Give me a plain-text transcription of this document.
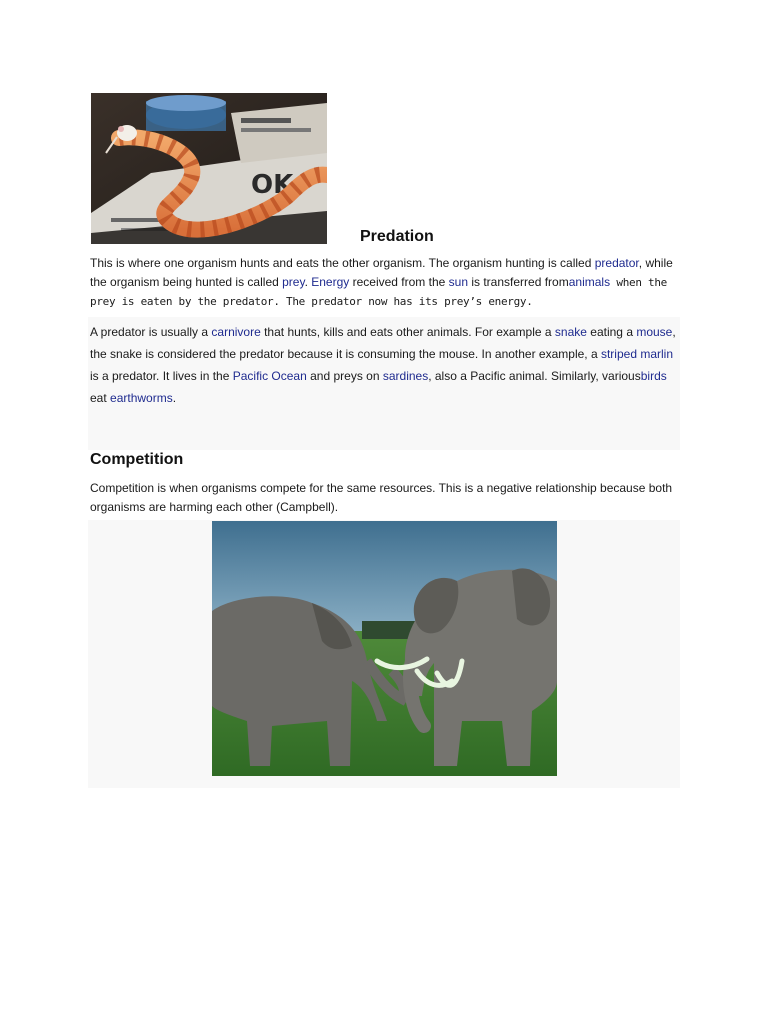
OK
Predation

This is where one organism hunts and eats the other organism. The organism hunting is called predator, while the organism being hunted is called prey. Energy received from the sun is transferred fromanimals when the prey is eaten by the predator. The predator now has its prey’s energy.

A predator is usually a carnivore that hunts, kills and eats other animals. For example a snake eating a mouse, the snake is considered the predator because it is consuming the mouse. In another example, a striped marlin is a predator. It lives in the Pacific Ocean and preys on sardines, also a Pacific animal. Similarly, variousbirds eat earthworms.

Competition

Competition is when organisms compete for the same resources. This is a negative relationship because both organisms are harming each other (Campbell).
